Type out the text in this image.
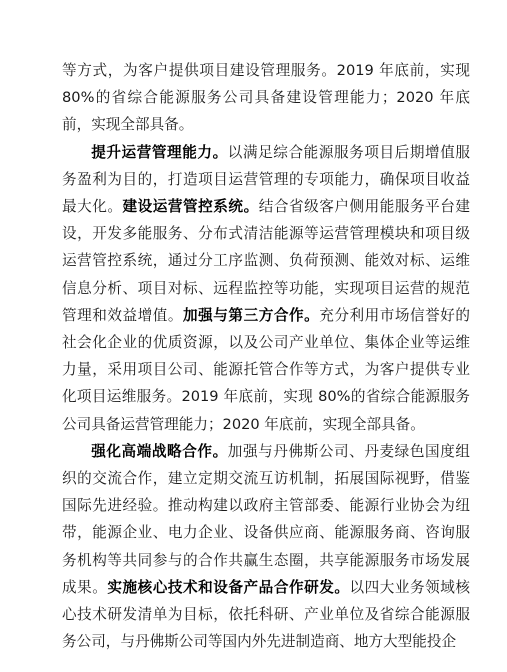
等方式，为客户提供项目建设管理服务。2019 年底前，实现 80%的省综合能源服务公司具备建设管理能力；2020 年底前，实现全部具备。

提升运营管理能力。以满足综合能源服务项目后期增值服务盈利为目的，打造项目运营管理的专项能力，确保项目收益最大化。建设运营管控系统。结合省级客户侧用能服务平台建设，开发多能服务、分布式清洁能源等运营管理模块和项目级运营管控系统，通过分工序监测、负荷预测、能效对标、运维信息分析、项目对标、远程监控等功能，实现项目运营的规范管理和效益增值。加强与第三方合作。充分利用市场信誉好的社会化企业的优质资源，以及公司产业单位、集体企业等运维力量，采用项目公司、能源托管合作等方式，为客户提供专业化项目运维服务。2019 年底前，实现 80%的省综合能源服务公司具备运营管理能力；2020 年底前，实现全部具备。

强化高端战略合作。加强与丹佛斯公司、丹麦绿色国度组织的交流合作，建立定期交流互访机制，拓展国际视野，借鉴国际先进经验。推动构建以政府主管部委、能源行业协会为纽带，能源企业、电力企业、设备供应商、能源服务商、咨询服务机构等共同参与的合作共赢生态圈，共享能源服务市场发展成果。实施核心技术和设备产品合作研发。以四大业务领域核心技术研发清单为目标，依托科研、产业单位及省综合能源服务公司，与丹佛斯公司等国内外先进制造商、地方大型能投企
